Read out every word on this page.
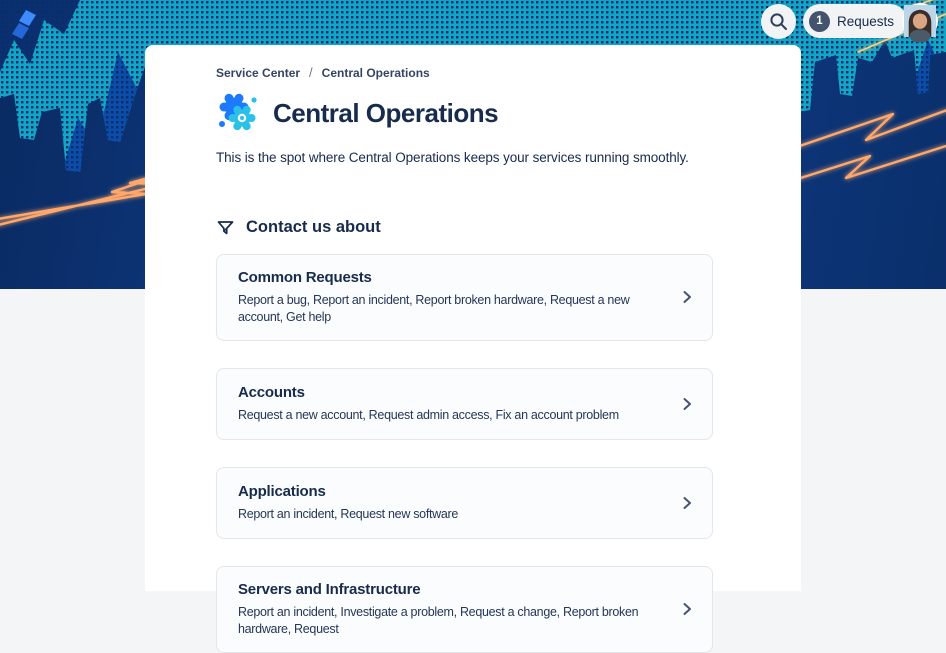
1	Requests
Service Center / Central Operations
Central Operations

This is the spot where Central Operations keeps your services running smoothly.

Contact us about
Common Requests
Report a bug, Report an incident, Report broken hardware, Request a new account, Get help
Accounts
Request a new account, Request admin access, Fix an account problem
Applications
Report an incident, Request new software
Servers and Infrastructure
Report an incident, Investigate a problem, Request a change, Report broken hardware, Request
